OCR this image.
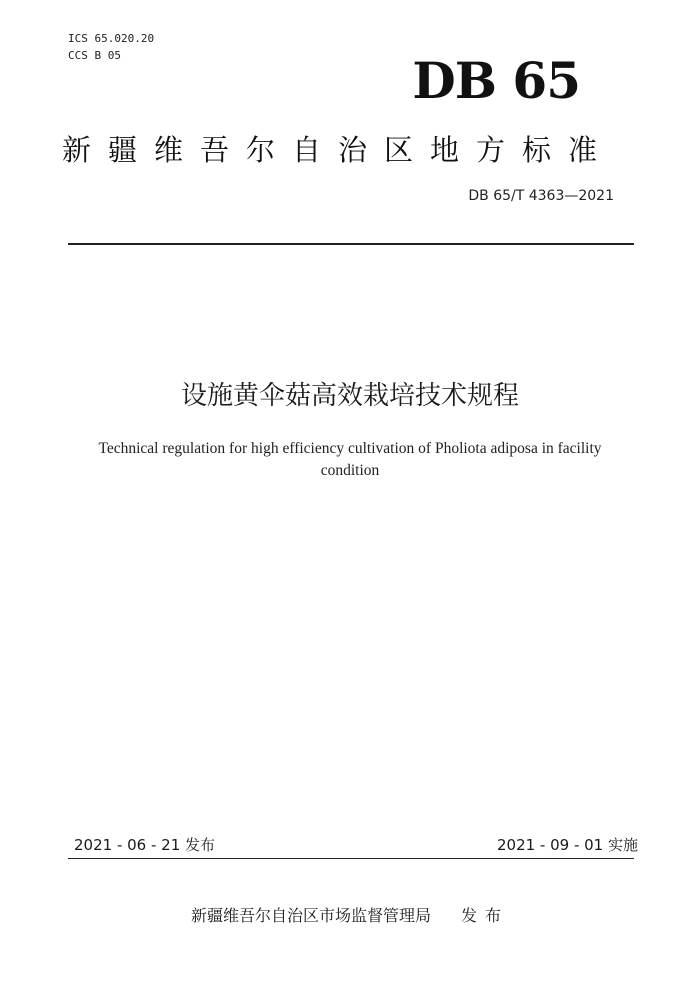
ICS 65.020.20
CCS B 05	DB 65
新疆维吾尔自治区地方标准
DB 65/T 4363—2021
设施黄伞菇高效栽培技术规程
Technical regulation for high efficiency cultivation of Pholiota adiposa in facility
condition
2021 - 06 - 21 发布	2021 - 09 - 01 实施
新疆维吾尔自治区市场监督管理局 发布
